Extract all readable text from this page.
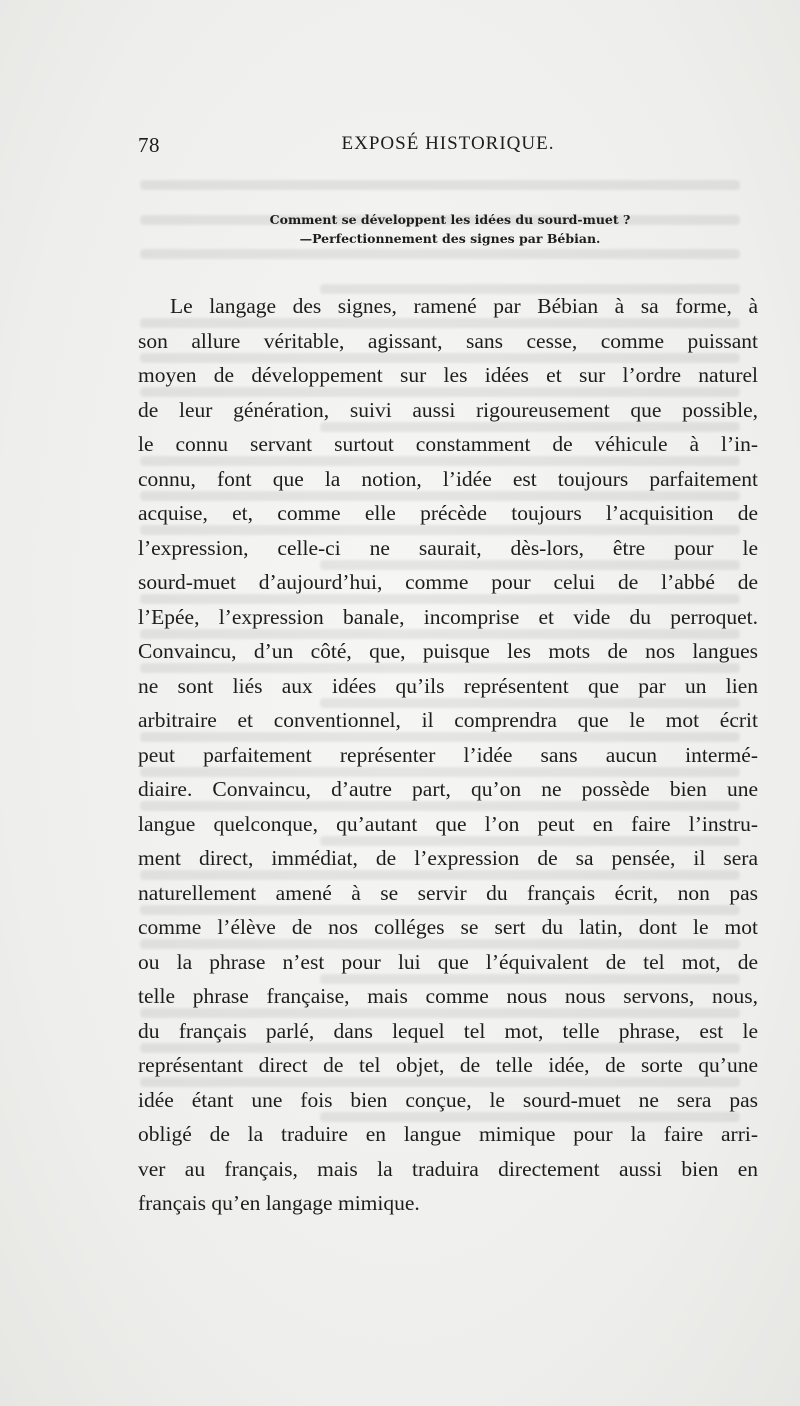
78	EXPOSÉ HISTORIQUE.
Comment se développent les idées du sourd-muet ?
—Perfectionnement des signes par Bébian.
Le langage des signes, ramené par Bébian à sa forme, à
son allure véritable, agissant, sans cesse, comme puissant
moyen de développement sur les idées et sur l’ordre naturel
de leur génération, suivi aussi rigoureusement que possible,
le connu servant surtout constamment de véhicule à l’in-
connu, font que la notion, l’idée est toujours parfaitement
acquise, et, comme elle précède toujours l’acquisition de
l’expression, celle-ci ne saurait, dès-lors, être pour le
sourd-muet d’aujourd’hui, comme pour celui de l’abbé de
l’Epée, l’expression banale, incomprise et vide du perroquet.
Convaincu, d’un côté, que, puisque les mots de nos langues
ne sont liés aux idées qu’ils représentent que par un lien
arbitraire et conventionnel, il comprendra que le mot écrit
peut parfaitement représenter l’idée sans aucun intermé-
diaire. Convaincu, d’autre part, qu’on ne possède bien une
langue quelconque, qu’autant que l’on peut en faire l’instru-
ment direct, immédiat, de l’expression de sa pensée, il sera
naturellement amené à se servir du français écrit, non pas
comme l’élève de nos colléges se sert du latin, dont le mot
ou la phrase n’est pour lui que l’équivalent de tel mot, de
telle phrase française, mais comme nous nous servons, nous,
du français parlé, dans lequel tel mot, telle phrase, est le
représentant direct de tel objet, de telle idée, de sorte qu’une
idée étant une fois bien conçue, le sourd-muet ne sera pas
obligé de la traduire en langue mimique pour la faire arri-
ver au français, mais la traduira directement aussi bien en
français qu’en langage mimique.
